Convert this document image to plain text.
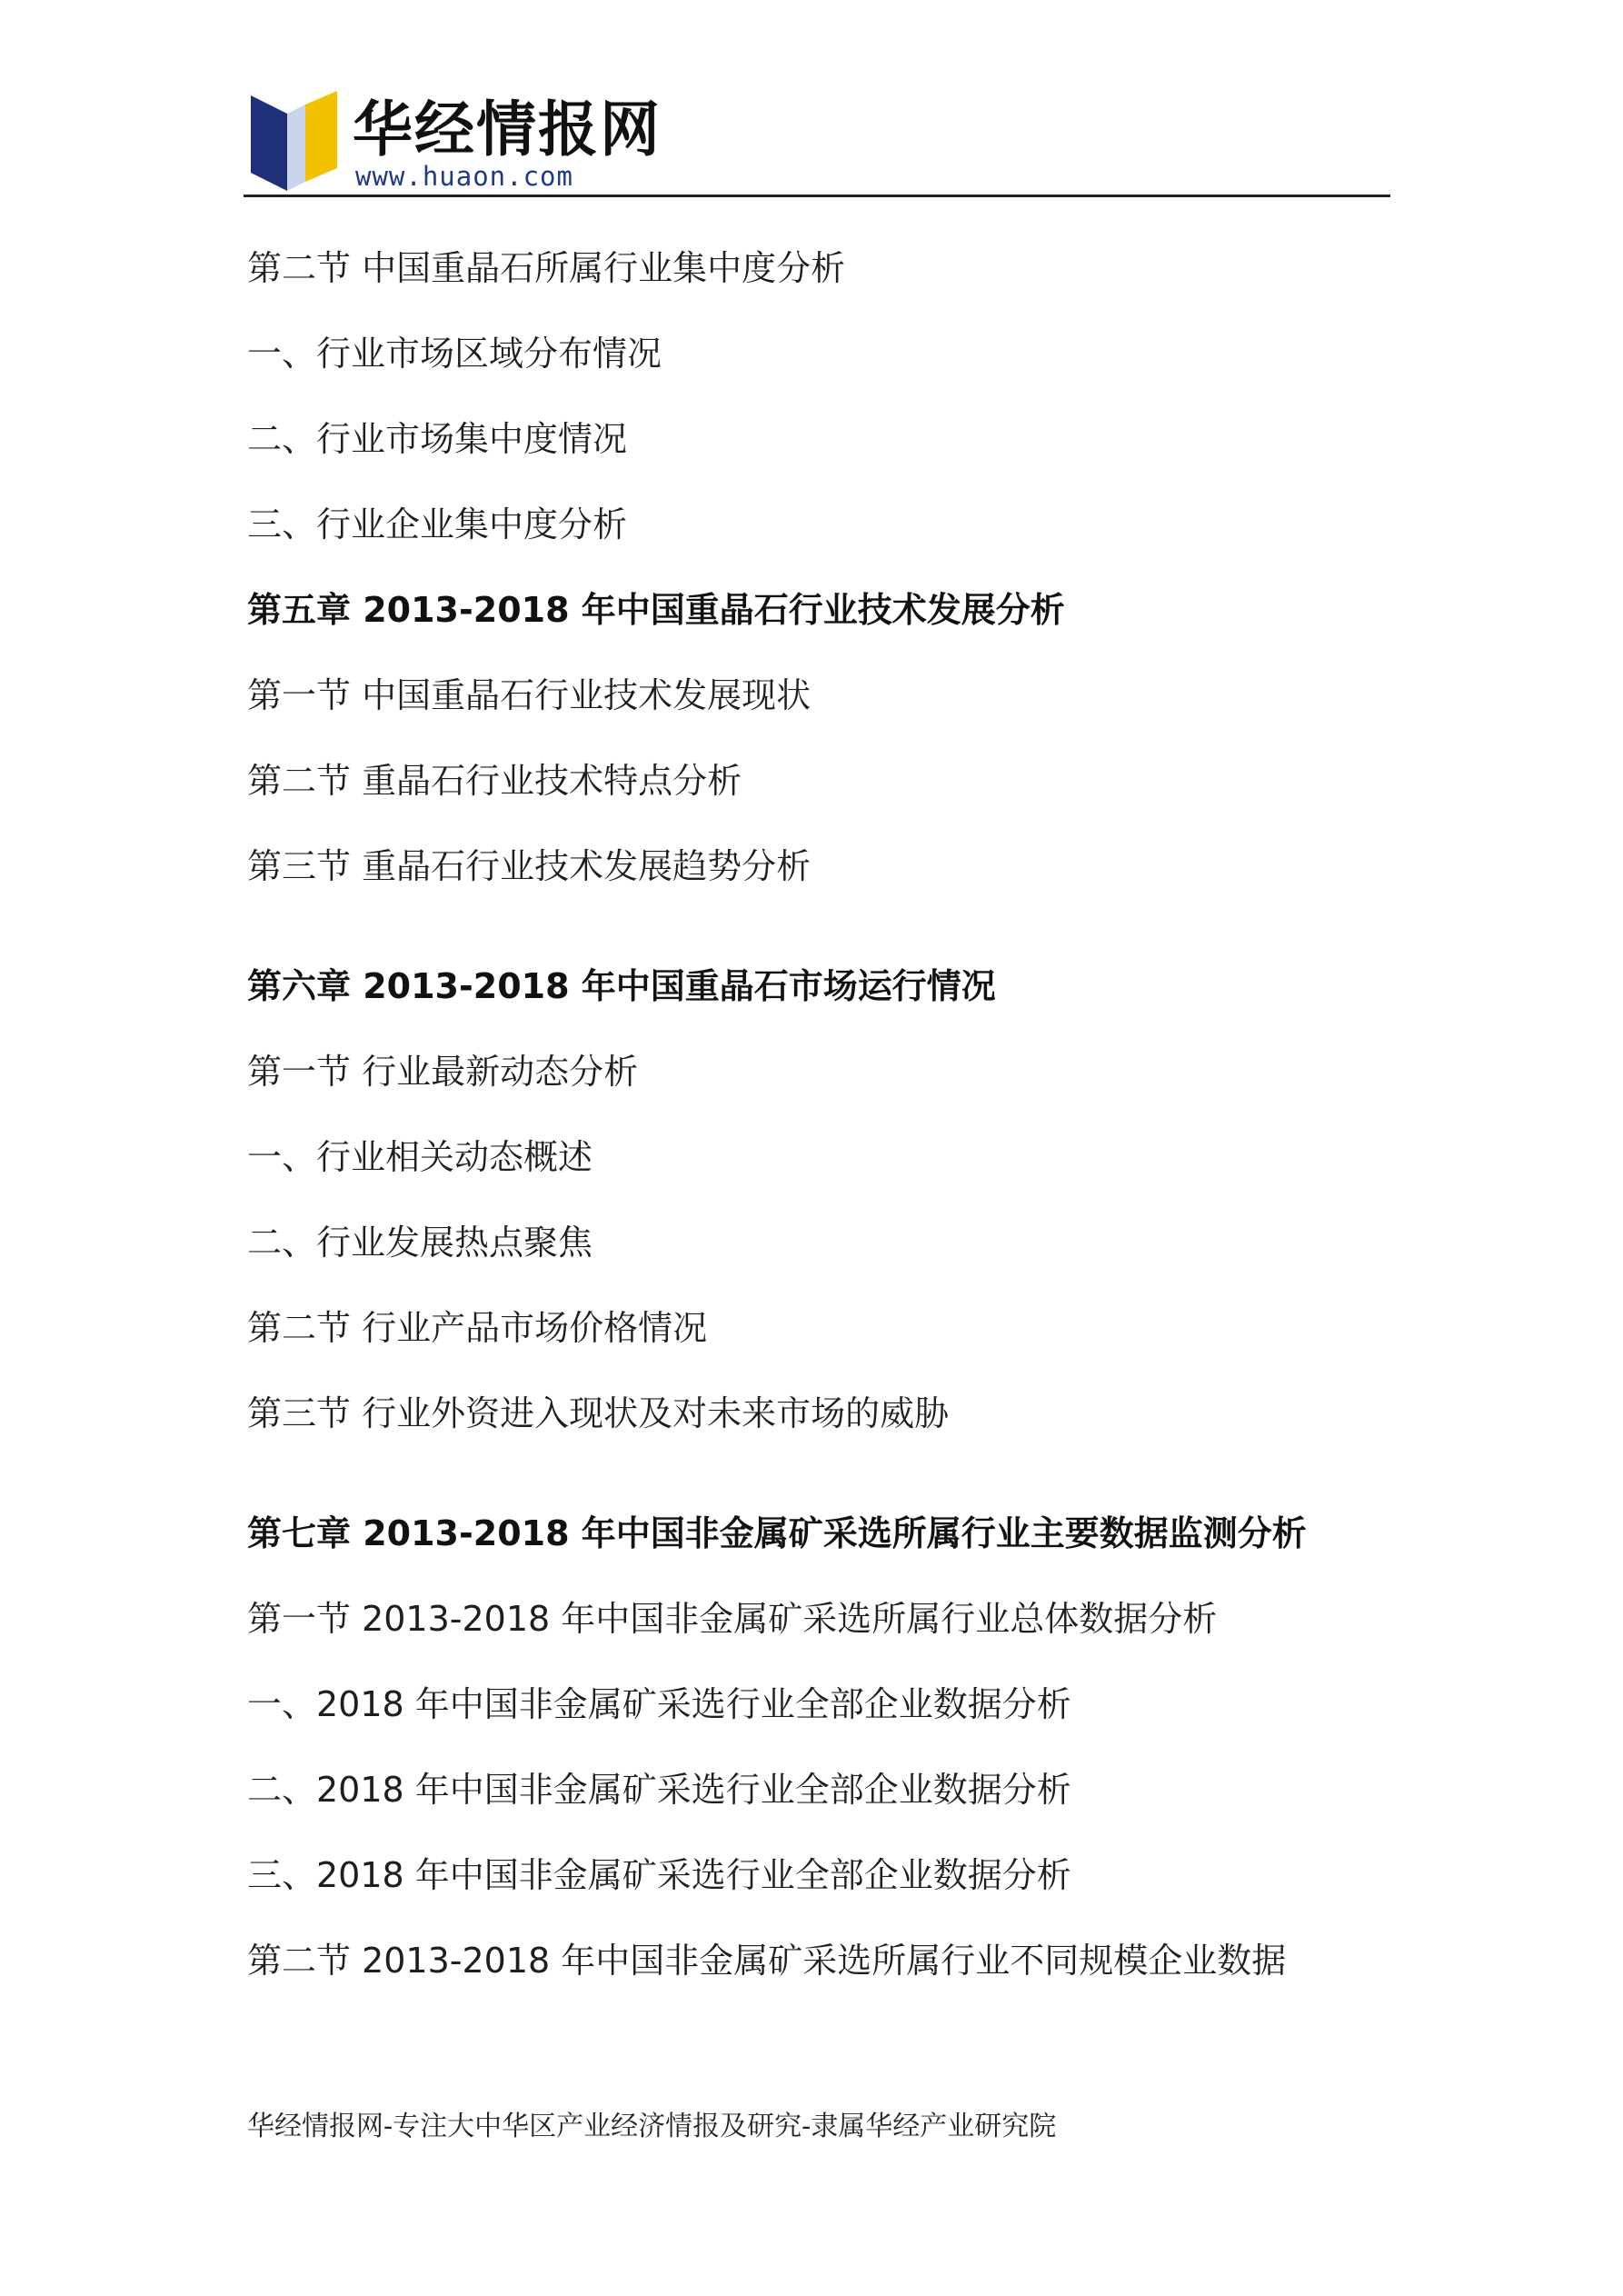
华经情报网
www.huaon.com
第二节 中国重晶石所属行业集中度分析
一、行业市场区域分布情况
二、行业市场集中度情况
三、行业企业集中度分析
第五章 2013-2018 年中国重晶石行业技术发展分析
第一节 中国重晶石行业技术发展现状
第二节 重晶石行业技术特点分析
第三节 重晶石行业技术发展趋势分析
第六章 2013-2018 年中国重晶石市场运行情况
第一节 行业最新动态分析
一、行业相关动态概述
二、行业发展热点聚焦
第二节 行业产品市场价格情况
第三节 行业外资进入现状及对未来市场的威胁
第七章 2013-2018 年中国非金属矿采选所属行业主要数据监测分析
第一节 2013-2018 年中国非金属矿采选所属行业总体数据分析
一、2018 年中国非金属矿采选行业全部企业数据分析
二、2018 年中国非金属矿采选行业全部企业数据分析
三、2018 年中国非金属矿采选行业全部企业数据分析
第二节 2013-2018 年中国非金属矿采选所属行业不同规模企业数据
华经情报网-专注大中华区产业经济情报及研究-隶属华经产业研究院
